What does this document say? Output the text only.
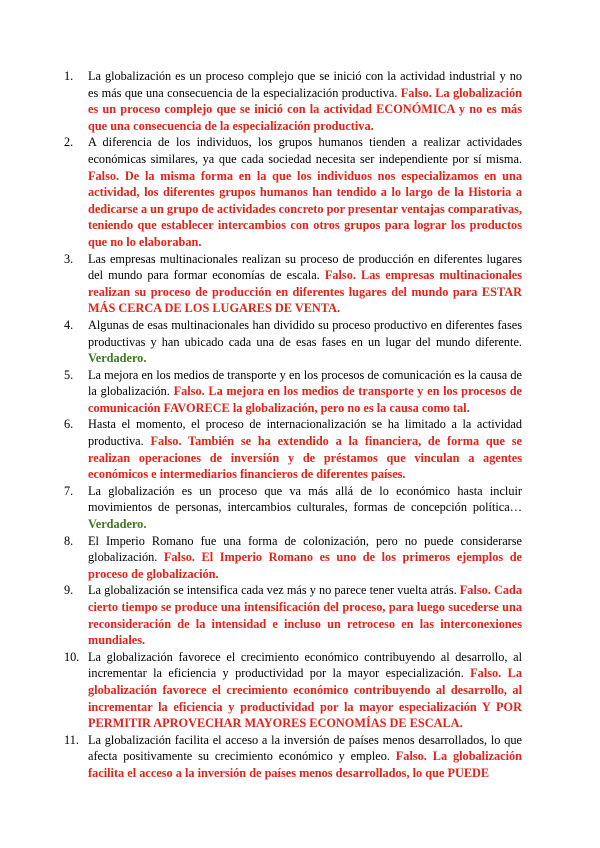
1. La globalización es un proceso complejo que se inició con la actividad industrial y no es más que una consecuencia de la especialización productiva. Falso. La globalización es un proceso complejo que se inició con la actividad ECONÓMICA y no es más que una consecuencia de la especialización productiva.
2. A diferencia de los individuos, los grupos humanos tienden a realizar actividades económicas similares, ya que cada sociedad necesita ser independiente por sí misma. Falso. De la misma forma en la que los individuos nos especializamos en una actividad, los diferentes grupos humanos han tendido a lo largo de la Historia a dedicarse a un grupo de actividades concreto por presentar ventajas comparativas, teniendo que establecer intercambios con otros grupos para lograr los productos que no lo elaboraban.
3. Las empresas multinacionales realizan su proceso de producción en diferentes lugares del mundo para formar economías de escala. Falso. Las empresas multinacionales realizan su proceso de producción en diferentes lugares del mundo para ESTAR MÁS CERCA DE LOS LUGARES DE VENTA.
4. Algunas de esas multinacionales han dividido su proceso productivo en diferentes fases productivas y han ubicado cada una de esas fases en un lugar del mundo diferente. Verdadero.
5. La mejora en los medios de transporte y en los procesos de comunicación es la causa de la globalización. Falso. La mejora en los medios de transporte y en los procesos de comunicación FAVORECE la globalización, pero no es la causa como tal.
6. Hasta el momento, el proceso de internacionalización se ha limitado a la actividad productiva. Falso. También se ha extendido a la financiera, de forma que se realizan operaciones de inversión y de préstamos que vinculan a agentes económicos e intermediarios financieros de diferentes países.
7. La globalización es un proceso que va más allá de lo económico hasta incluir movimientos de personas, intercambios culturales, formas de concepción política… Verdadero.
8. El Imperio Romano fue una forma de colonización, pero no puede considerarse globalización. Falso. El Imperio Romano es uno de los primeros ejemplos de proceso de globalización.
9. La globalización se intensifica cada vez más y no parece tener vuelta atrás. Falso. Cada cierto tiempo se produce una intensificación del proceso, para luego sucederse una reconsideración de la intensidad e incluso un retroceso en las interconexiones mundiales.
10. La globalización favorece el crecimiento económico contribuyendo al desarrollo, al incrementar la eficiencia y productividad por la mayor especialización. Falso. La globalización favorece el crecimiento económico contribuyendo al desarrollo, al incrementar la eficiencia y productividad por la mayor especialización Y POR PERMITIR APROVECHAR MAYORES ECONOMÍAS DE ESCALA.
11. La globalización facilita el acceso a la inversión de países menos desarrollados, lo que afecta positivamente su crecimiento económico y empleo. Falso. La globalización facilita el acceso a la inversión de países menos desarrollados, lo que PUEDE
